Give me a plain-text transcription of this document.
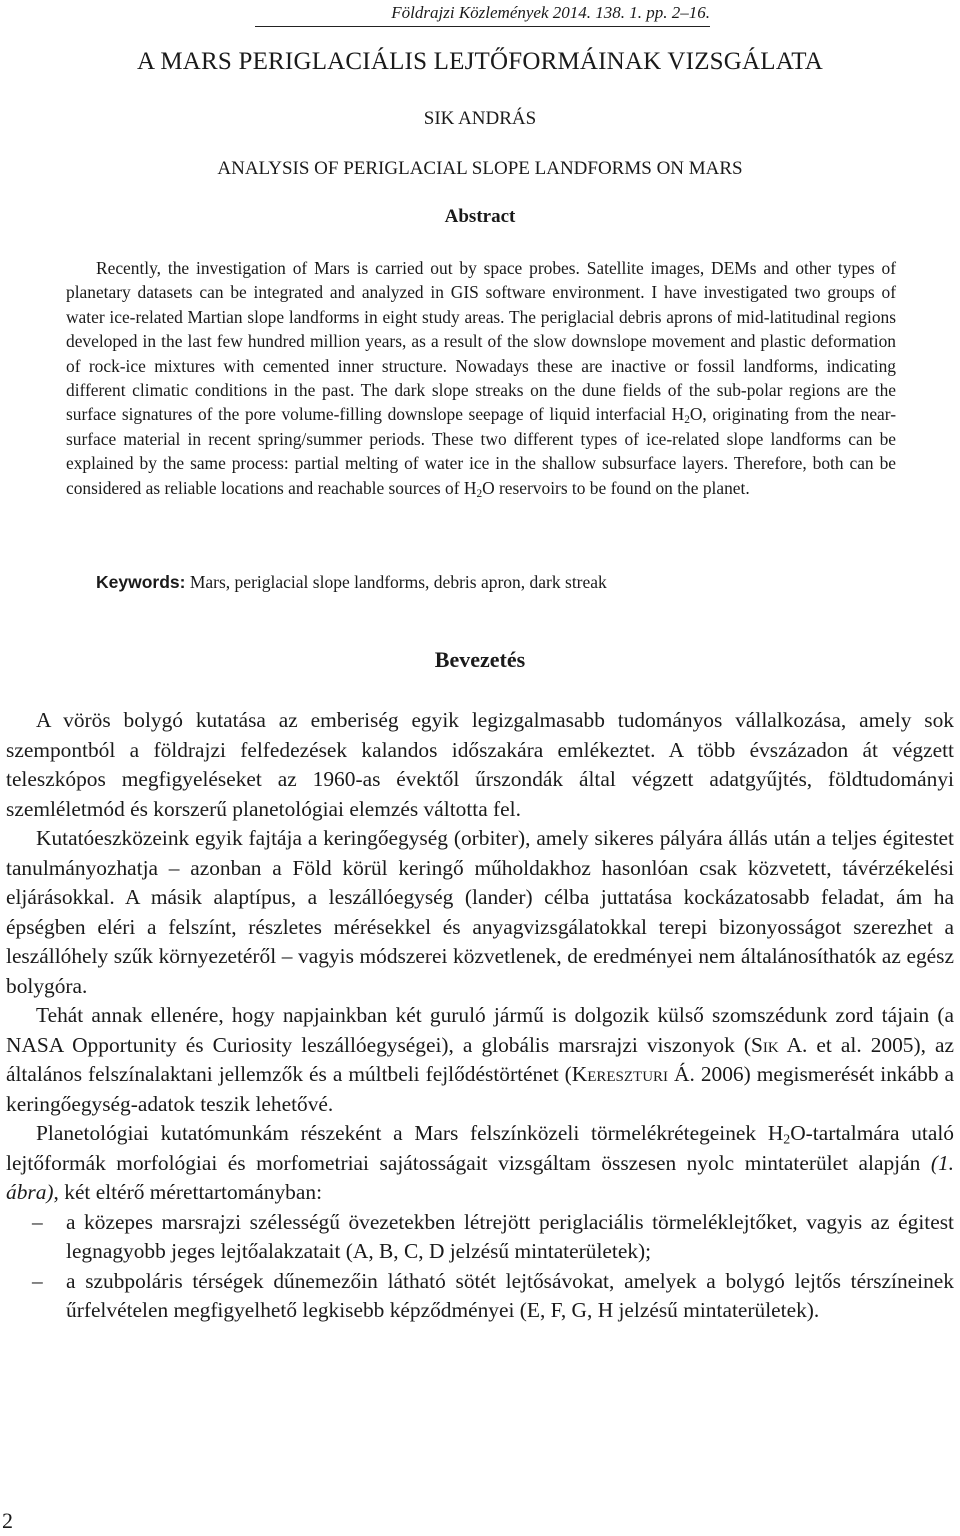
Földrajzi Közlemények 2014. 138. 1. pp. 2–16.
A MARS PERIGLACIÁLIS LEJTŐFORMÁINAK VIZSGÁLATA
SIK ANDRÁS
ANALYSIS OF PERIGLACIAL SLOPE LANDFORMS ON MARS
Abstract

Recently, the investigation of Mars is carried out by space probes. Satellite images, DEMs and other types of planetary datasets can be integrated and analyzed in GIS software environment. I have investigated two groups of water ice-related Martian slope landforms in eight study areas. The periglacial debris aprons of mid-latitudinal regions developed in the last few hundred million years, as a result of the slow downslope movement and plastic deformation of rock-ice mixtures with cemented inner structure. Nowadays these are inactive or fossil landforms, indicating different climatic conditions in the past. The dark slope streaks on the dune fields of the sub-polar regions are the surface signatures of the pore volume-filling downslope seepage of liquid interfacial $H_2O$, originating from the near-surface material in recent spring/summer periods. These two different types of ice-related slope landforms can be explained by the same process: partial melting of water ice in the shallow subsurface layers. Therefore, both can be considered as reliable locations and reachable sources of $H_2O$ reservoirs to be found on the planet.

Keywords: Mars, periglacial slope landforms, debris apron, dark streak
Bevezetés

A vörös bolygó kutatása az emberiség egyik legizgalmasabb tudományos vállalkozása, amely sok szempontból a földrajzi felfedezések kalandos időszakára emlékeztet. A több évszázadon át végzett teleszkópos megfigyeléseket az 1960-as évektől űrszondák által végzett adatgyűjtés, földtudományi szemléletmód és korszerű planetológiai elemzés váltotta fel.

Kutatóeszközeink egyik fajtája a keringőegység (orbiter), amely sikeres pályára állás után a teljes égitestet tanulmányozhatja – azonban a Föld körül keringő műholdakhoz hasonlóan csak közvetett, távérzékelési eljárásokkal. A másik alaptípus, a leszállóegység (lander) célba juttatása kockázatosabb feladat, ám ha épségben eléri a felszínt, részletes mérésekkel és anyagvizsgálatokkal terepi bizonyosságot szerezhet a leszállóhely szűk környezetéről – vagyis módszerei közvetlenek, de eredményei nem általánosíthatók az egész bolygóra.

Tehát annak ellenére, hogy napjainkban két guruló jármű is dolgozik külső szomszédunk zord tájain (a NASA Opportunity és Curiosity leszállóegységei), a globális marsrajzi viszonyok (Sik A. et al. 2005), az általános felszínalaktani jellemzők és a múltbeli fejlődéstörténet (Kereszturi Á. 2006) megismerését inkább a keringőegység-adatok teszik lehetővé.

Planetológiai kutatómunkám részeként a Mars felszínközeli törmelékrétegeinek $H_2O$-tartalmára utaló lejtőformák morfológiai és morfometriai sajátosságait vizsgáltam összesen nyolc mintaterület alapján (1. ábra), két eltérő mérettartományban:

– a közepes marsrajzi szélességű övezetekben létrejött periglaciális törmeléklejtőket, vagyis az égitest legnagyobb jeges lejtőalakzatait (A, B, C, D jelzésű mintaterületek);
– a szubpoláris térségek dűnemezőin látható sötét lejtősávokat, amelyek a bolygó lejtős térszíneinek űrfelvételen megfigyelhető legkisebb képződményei (E, F, G, H jelzésű mintaterületek).
2
